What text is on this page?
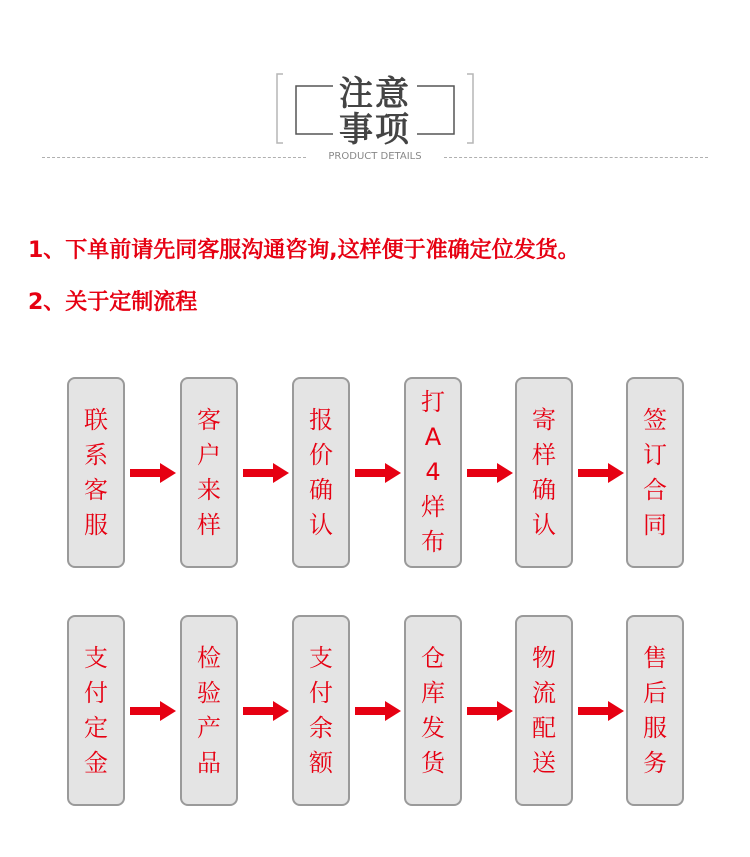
注意事项
PRODUCT DETAILS
1、下单前请先同客服沟通咨询,这样便于准确定位发货。
2、关于定制流程
联系客服
客户来样
报价确认
打A4烊布
寄样确认
签订合同
支付定金
检验产品
支付余额
仓库发货
物流配送
售后服务
